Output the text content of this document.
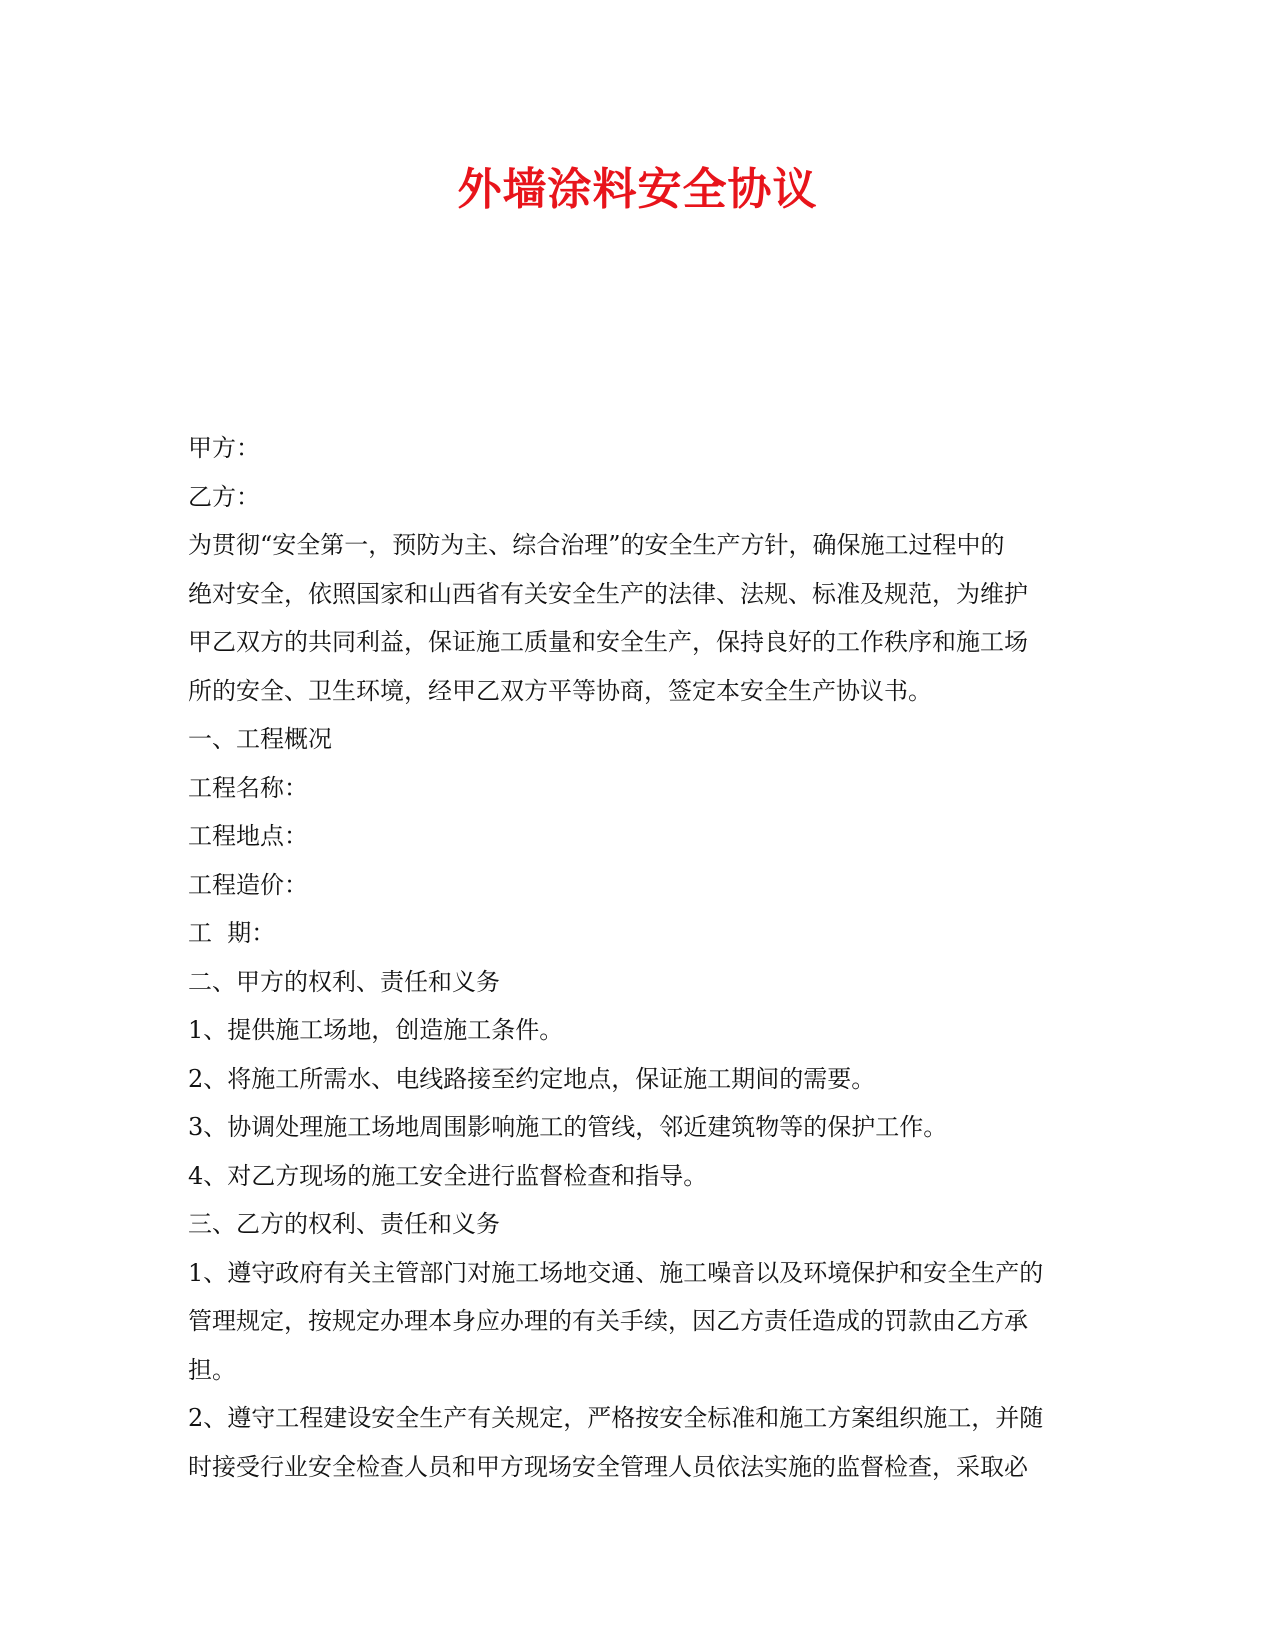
外墙涂料安全协议

甲方：

乙方：

为贯彻“安全第一，预防为主、综合治理”的安全生产方针，确保施工过程中的

绝对安全，依照国家和山西省有关安全生产的法律、法规、标准及规范，为维护

甲乙双方的共同利益，保证施工质量和安全生产，保持良好的工作秩序和施工场

所的安全、卫生环境，经甲乙双方平等协商，签定本安全生产协议书。

一、工程概况

工程名称：

工程地点：

工程造价：

工  期：

二、甲方的权利、责任和义务

1、提供施工场地，创造施工条件。

2、将施工所需水、电线路接至约定地点，保证施工期间的需要。

3、协调处理施工场地周围影响施工的管线，邻近建筑物等的保护工作。

4、对乙方现场的施工安全进行监督检查和指导。

三、乙方的权利、责任和义务

1、遵守政府有关主管部门对施工场地交通、施工噪音以及环境保护和安全生产的

管理规定，按规定办理本身应办理的有关手续，因乙方责任造成的罚款由乙方承

担。

2、遵守工程建设安全生产有关规定，严格按安全标准和施工方案组织施工，并随

时接受行业安全检查人员和甲方现场安全管理人员依法实施的监督检查，采取必
